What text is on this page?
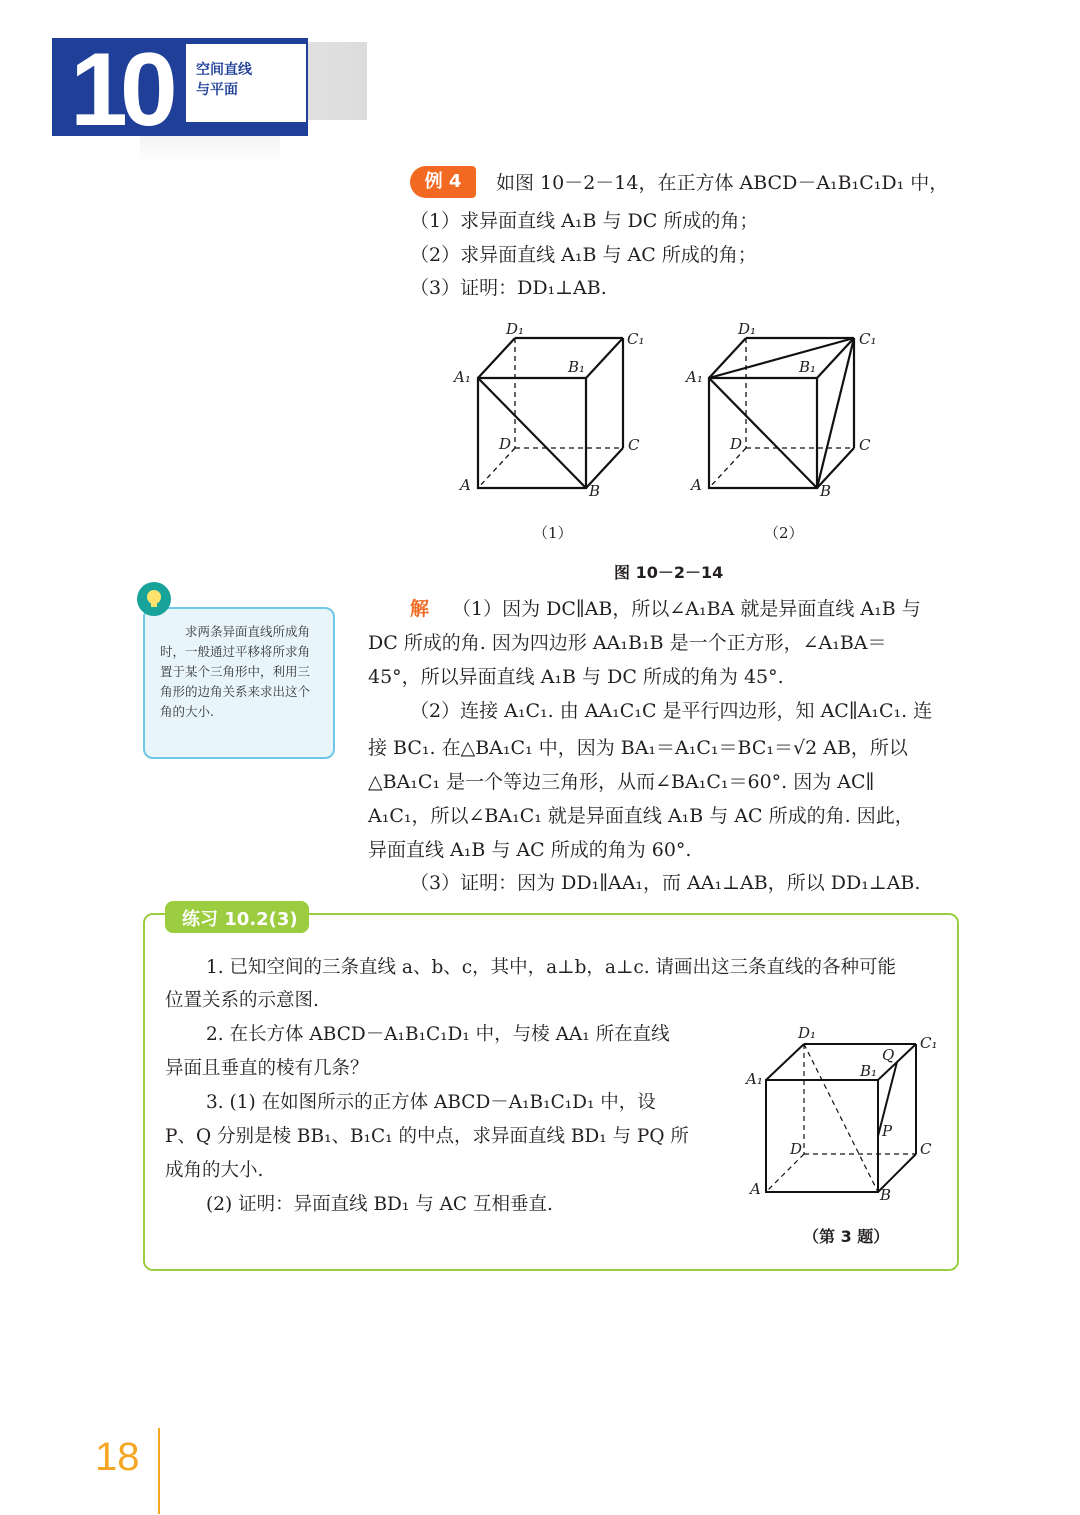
10 空间直线
与平面
例 4	如图 10－2－14，在正方体 ABCD－A₁B₁C₁D₁ 中，
（1）求异面直线 A₁B 与 DC 所成的角；
（2）求异面直线 A₁B 与 AC 所成的角；
（3）证明：DD₁⊥AB.
D₁
C₁
A₁
B₁
D	C
A	B
D₁
C₁
A₁
B₁
D	C
A	B
（1）	（2）
图 10－2－14
求两条异面直线所成角时，一般通过平移将所求角置于某个三角形中，利用三角形的边角关系来求出这个角的大小.
解 （1）因为 DC∥AB，所以∠A₁BA 就是异面直线 A₁B 与
DC 所成的角. 因为四边形 AA₁B₁B 是一个正方形，∠A₁BA＝
45°，所以异面直线 A₁B 与 DC 所成的角为 45°.
（2）连接 A₁C₁. 由 AA₁C₁C 是平行四边形，知 AC∥A₁C₁. 连
接 BC₁. 在△BA₁C₁ 中，因为 BA₁＝A₁C₁＝BC₁＝√2 AB，所以
△BA₁C₁ 是一个等边三角形，从而∠BA₁C₁＝60°. 因为 AC∥
A₁C₁，所以∠BA₁C₁ 就是异面直线 A₁B 与 AC 所成的角. 因此，
异面直线 A₁B 与 AC 所成的角为 60°.
（3）证明：因为 DD₁∥AA₁，而 AA₁⊥AB，所以 DD₁⊥AB.
练习 10.2(3)
1. 已知空间的三条直线 a、b、c，其中，a⊥b，a⊥c. 请画出这三条直线的各种可能
位置关系的示意图.
2. 在长方体 ABCD－A₁B₁C₁D₁ 中，与棱 AA₁ 所在直线
异面且垂直的棱有几条？
3. (1) 在如图所示的正方体 ABCD－A₁B₁C₁D₁ 中，设
P、Q 分别是棱 BB₁、B₁C₁ 的中点，求异面直线 BD₁ 与 PQ 所
成角的大小.
(2) 证明：异面直线 BD₁ 与 AC 互相垂直.
D₁
C₁
Q
B₁
A₁
P
D	C
A	B
（第 3 题）
18
